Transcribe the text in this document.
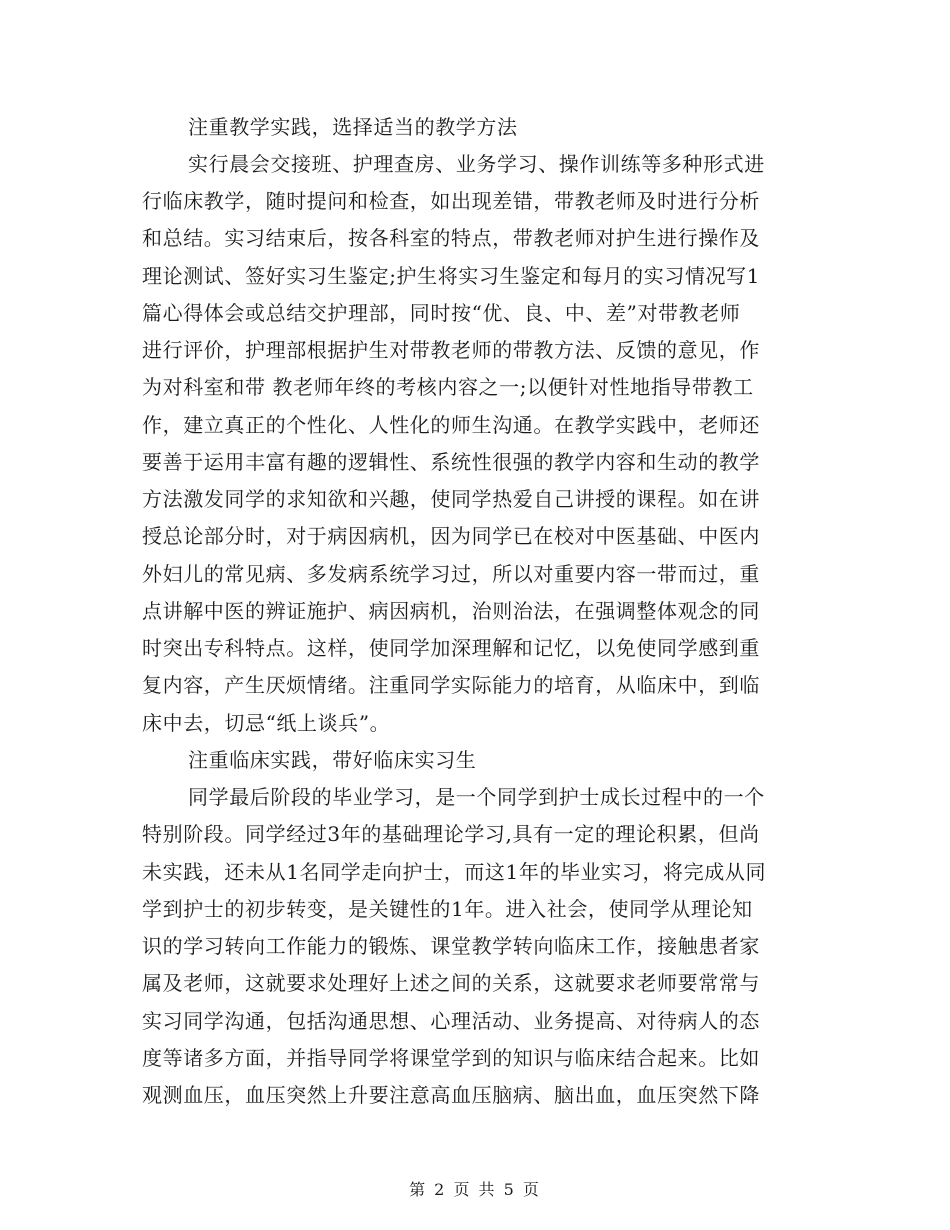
注重教学实践，选择适当的教学方法
实行晨会交接班、护理查房、业务学习、操作训练等多种形式进
行临床教学，随时提问和检查，如出现差错，带教老师及时进行分析
和总结。实习结束后，按各科室的特点，带教老师对护生进行操作及
理论测试、签好实习生鉴定;护生将实习生鉴定和每月的实习情况写1
篇心得体会或总结交护理部，同时按“优、良、中、差”对带教老师
进行评价，护理部根据护生对带教老师的带教方法、反馈的意见，作
为对科室和带 教老师年终的考核内容之一;以便针对性地指导带教工
作，建立真正的个性化、人性化的师生沟通。在教学实践中，老师还
要善于运用丰富有趣的逻辑性、系统性很强的教学内容和生动的教学
方法激发同学的求知欲和兴趣，使同学热爱自己讲授的课程。如在讲
授总论部分时，对于病因病机，因为同学已在校对中医基础、中医内
外妇儿的常见病、多发病系统学习过，所以对重要内容一带而过，重
点讲解中医的辨证施护、病因病机，治则治法，在强调整体观念的同
时突出专科特点。这样，使同学加深理解和记忆，以免使同学感到重
复内容，产生厌烦情绪。注重同学实际能力的培育，从临床中，到临
床中去，切忌“纸上谈兵”。
注重临床实践，带好临床实习生
同学最后阶段的毕业学习，是一个同学到护士成长过程中的一个
特别阶段。同学经过3年的基础理论学习,具有一定的理论积累，但尚
未实践，还未从1名同学走向护士，而这1年的毕业实习，将完成从同
学到护士的初步转变，是关键性的1年。进入社会，使同学从理论知
识的学习转向工作能力的锻炼、课堂教学转向临床工作，接触患者家
属及老师，这就要求处理好上述之间的关系，这就要求老师要常常与
实习同学沟通，包括沟通思想、心理活动、业务提高、对待病人的态
度等诸多方面，并指导同学将课堂学到的知识与临床结合起来。比如
观测血压，血压突然上升要注意高血压脑病、脑出血，血压突然下降
第 2 页 共 5 页
